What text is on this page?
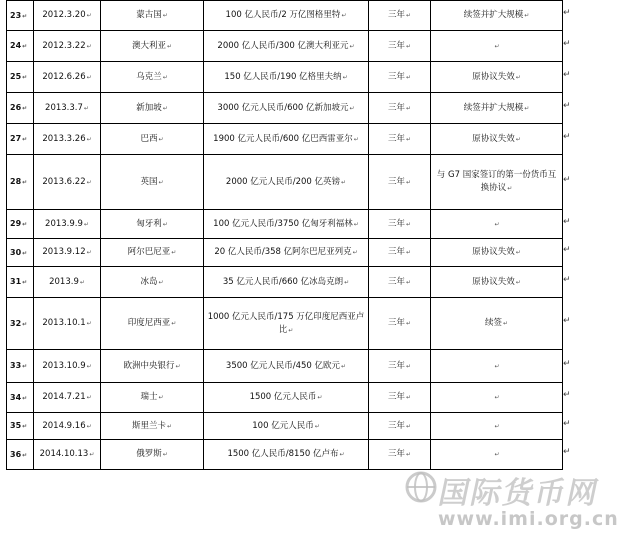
23↵	2012.3.20↵	蒙古国↵	100 亿人民币/2 万亿图格里特↵	三年↵	续签并扩大规模↵
24↵	2012.3.22↵	澳大利亚↵	2000 亿人民币/300 亿澳大利亚元↵	三年↵	↵
25↵	2012.6.26↵	乌克兰↵	150 亿人民币/190 亿格里夫纳↵	三年↵	原协议失效↵
26↵	2013.3.7↵	新加坡↵	3000 亿元人民币/600 亿新加坡元↵	三年↵	续签并扩大规模↵
27↵	2013.3.26↵	巴西↵	1900 亿元人民币/600 亿巴西雷亚尔↵	三年↵	原协议失效↵
28↵	2013.6.22↵	英国↵	2000 亿元人民币/200 亿英镑↵	三年↵	与 G7 国家签订的第一份货币互换协议↵
29↵	2013.9.9↵	匈牙利↵	100 亿元人民币/3750 亿匈牙利福林↵	三年↵	↵
30↵	2013.9.12↵	阿尔巴尼亚↵	20 亿人民币/358 亿阿尔巴尼亚列克↵	三年↵	原协议失效↵
31↵	2013.9↵	冰岛↵	35 亿元人民币/660 亿冰岛克朗↵	三年↵	原协议失效↵
32↵	2013.10.1↵	印度尼西亚↵	1000 亿元人民币/175 万亿印度尼西亚卢比↵	三年↵	续签↵
33↵	2013.10.9↵	欧洲中央银行↵	3500 亿元人民币/450 亿欧元↵	三年↵	↵
34↵	2014.7.21↵	瑞士↵	1500 亿元人民币↵	三年↵	↵
35↵	2014.9.16↵	斯里兰卡↵	100 亿元人民币↵	三年↵	↵
36↵	2014.10.13↵	俄罗斯↵	1500 亿人民币/8150 亿卢布↵	三年↵	↵
↵
↵
↵
↵
↵
↵
↵
↵
↵
↵
↵
↵
↵
↵
国际货币网
www.imi.org.cn
